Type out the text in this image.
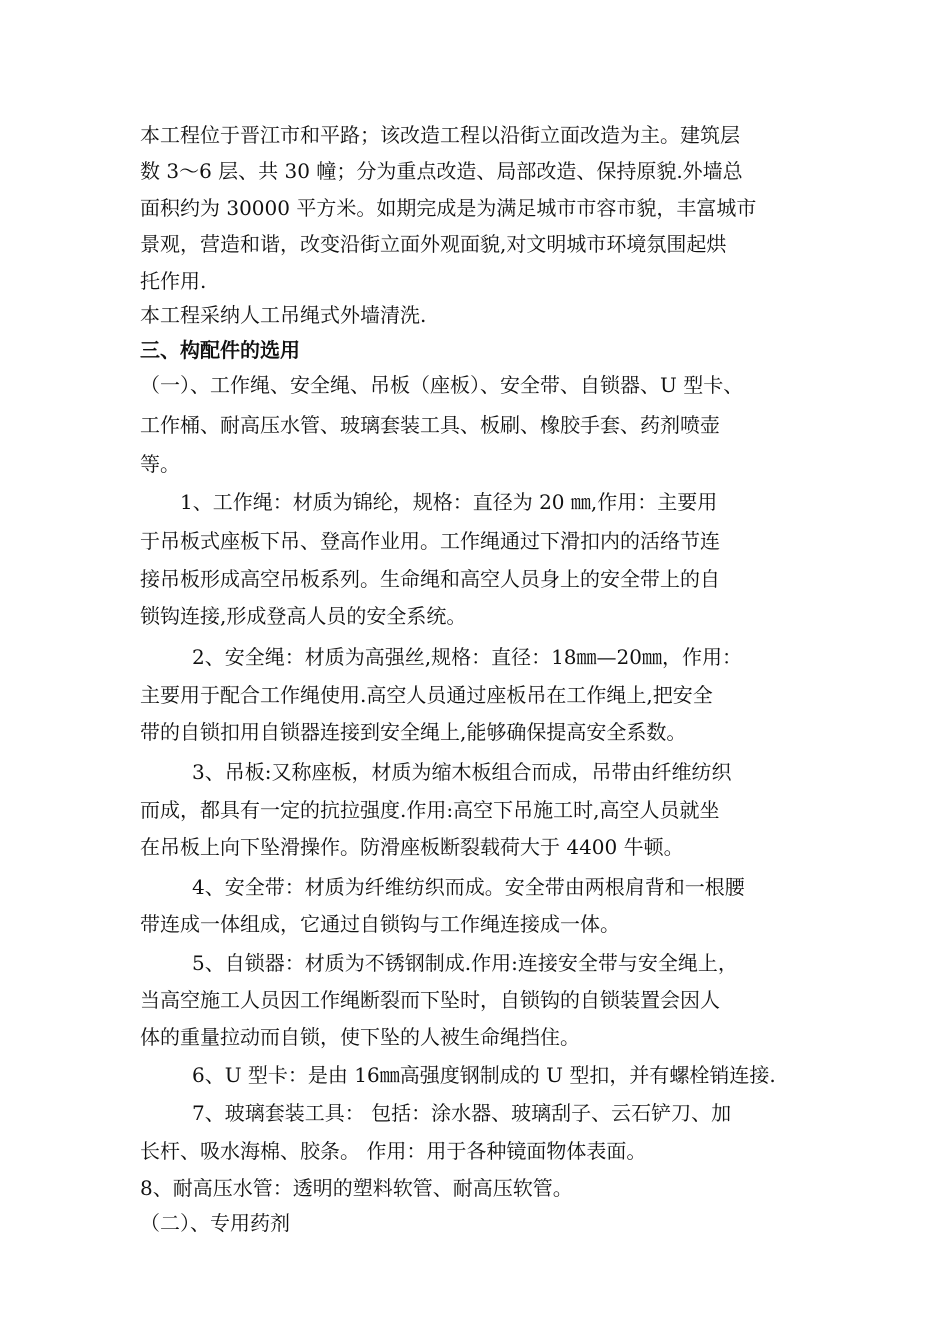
本工程位于晋江市和平路；该改造工程以沿街立面改造为主。建筑层
数 3～6 层、共 30 幢；分为重点改造、局部改造、保持原貌.外墙总
面积约为 30000 平方米。如期完成是为满足城市市容市貌，丰富城市
景观，营造和谐，改变沿街立面外观面貌,对文明城市环境氛围起烘
托作用.
本工程采纳人工吊绳式外墙清洗.
三、构配件的选用
（一）、工作绳、安全绳、吊板（座板）、安全带、自锁器、U 型卡、
工作桶、耐高压水管、玻璃套装工具、板刷、橡胶手套、药剂喷壶
等。
1、工作绳：材质为锦纶，规格：直径为 20 ㎜,作用：主要用
于吊板式座板下吊、登高作业用。工作绳通过下滑扣内的活络节连
接吊板形成高空吊板系列。生命绳和高空人员身上的安全带上的自
锁钩连接,形成登高人员的安全系统。
2、安全绳：材质为高强丝,规格：直径：18㎜—20㎜，作用：
主要用于配合工作绳使用.高空人员通过座板吊在工作绳上,把安全
带的自锁扣用自锁器连接到安全绳上,能够确保提高安全系数。
3、吊板:又称座板，材质为缩木板组合而成，吊带由纤维纺织
而成，都具有一定的抗拉强度.作用:高空下吊施工时,高空人员就坐
在吊板上向下坠滑操作。防滑座板断裂载荷大于 4400 牛顿。
4、安全带：材质为纤维纺织而成。安全带由两根肩背和一根腰
带连成一体组成，它通过自锁钩与工作绳连接成一体。
5、自锁器：材质为不锈钢制成.作用:连接安全带与安全绳上，
当高空施工人员因工作绳断裂而下坠时，自锁钩的自锁装置会因人
体的重量拉动而自锁，使下坠的人被生命绳挡住。
6、U 型卡：是由 16㎜高强度钢制成的 U 型扣，并有螺栓销连接.
7、玻璃套装工具： 包括：涂水器、玻璃刮子、云石铲刀、加
长杆、吸水海棉、胶条。 作用：用于各种镜面物体表面。
8、耐高压水管：透明的塑料软管、耐高压软管。
（二）、专用药剂
